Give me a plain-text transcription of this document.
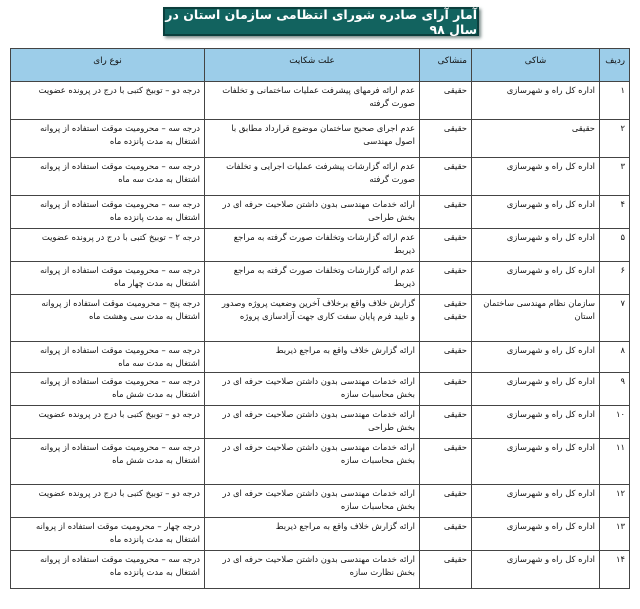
آمار آرای صادره شورای انتظامی سازمان استان در سال ۹۸
ردیف	شاکی	منشاکی	علت شکایت	نوع رای
۱	اداره کل راه و شهرسازی	حقیقی	عدم ارائه فرمهای پیشرفت عملیات ساختمانی و تخلفات
صورت گرفته	درجه دو – توبیخ کتبی با درج در پرونده عضویت

۲	حقیقی	حقیقی	عدم اجرای صحیح ساختمان موضوع قرارداد مطابق با
اصول مهندسی	درجه سه – محرومیت موقت استفاده از پروانه
اشتغال به مدت پانزده ماه

۳	اداره کل راه و شهرسازی	حقیقی	عدم ارائه گزارشات پیشرفت عملیات اجرایی و تخلفات
صورت گرفته	درجه سه – محرومیت موقت استفاده از پروانه
اشتغال به مدت سه ماه

۴	اداره کل راه و شهرسازی	حقیقی	ارائه خدمات مهندسی بدون داشتن صلاحیت حرفه ای در
بخش طراحی	درجه سه – محرومیت موقت استفاده از پروانه
اشتغال به مدت پانزده ماه

۵	اداره کل راه و شهرسازی	حقیقی	عدم ارائه گزارشات وتخلفات صورت گرفته به مراجع
ذیربط	درجه ۲ – توبیخ کتبی با درج در پرونده عضویت

۶	اداره کل راه و شهرسازی	حقیقی	عدم ارائه گزارشات وتخلفات صورت گرفته به مراجع
ذیربط	درجه سه – محرومیت موقت استفاده از پروانه
اشتغال به مدت چهار ماه

۷	سازمان نظام مهندسی ساختمان
استان	حقیقی
حقیقی	گزارش خلاف واقع برخلاف آخرین وضعیت پروژه وصدور
و تایید فرم پایان سفت کاری جهت آزادسازی پروژه	درجه پنج – محرومیت موقت استفاده از پروانه
اشتغال به مدت سی وهشت ماه

۸	اداره کل راه و شهرسازی	حقیقی	ارائه گزارش خلاف واقع به مراجع ذیربط	درجه سه – محرومیت موقت استفاده از پروانه
اشتغال به مدت سه ماه

۹	اداره کل راه و شهرسازی	حقیقی	ارائه خدمات مهندسی بدون داشتن صلاحیت حرفه ای در
بخش محاسبات سازه	درجه سه – محرومیت موقت استفاده از پروانه
اشتغال به مدت شش ماه

۱۰	اداره کل راه و شهرسازی	حقیقی	ارائه خدمات مهندسی بدون داشتن صلاحیت حرفه ای در
بخش طراحی	درجه دو – توبیخ کتبی با درج در پرونده عضویت

۱۱	اداره کل راه و شهرسازی	حقیقی	ارائه خدمات مهندسی بدون داشتن صلاحیت حرفه ای در
بخش محاسبات سازه	درجه سه – محرومیت موقت استفاده از پروانه
اشتغال به مدت شش ماه

۱۲	اداره کل راه و شهرسازی	حقیقی	ارائه خدمات مهندسی بدون داشتن صلاحیت حرفه ای در
بخش محاسبات سازه	درجه دو – توبیخ کتبی با درج در پرونده عضویت

۱۳	اداره کل راه و شهرسازی	حقیقی	ارائه گزارش خلاف واقع به مراجع ذیربط	درجه چهار – محرومیت موقت استفاده از پروانه
اشتغال به مدت پانزده ماه

۱۴	اداره کل راه و شهرسازی	حقیقی	ارائه خدمات مهندسی بدون داشتن صلاحیت حرفه ای در
بخش نظارت سازه	درجه سه – محرومیت موقت استفاده از پروانه
اشتغال به مدت پانزده ماه
